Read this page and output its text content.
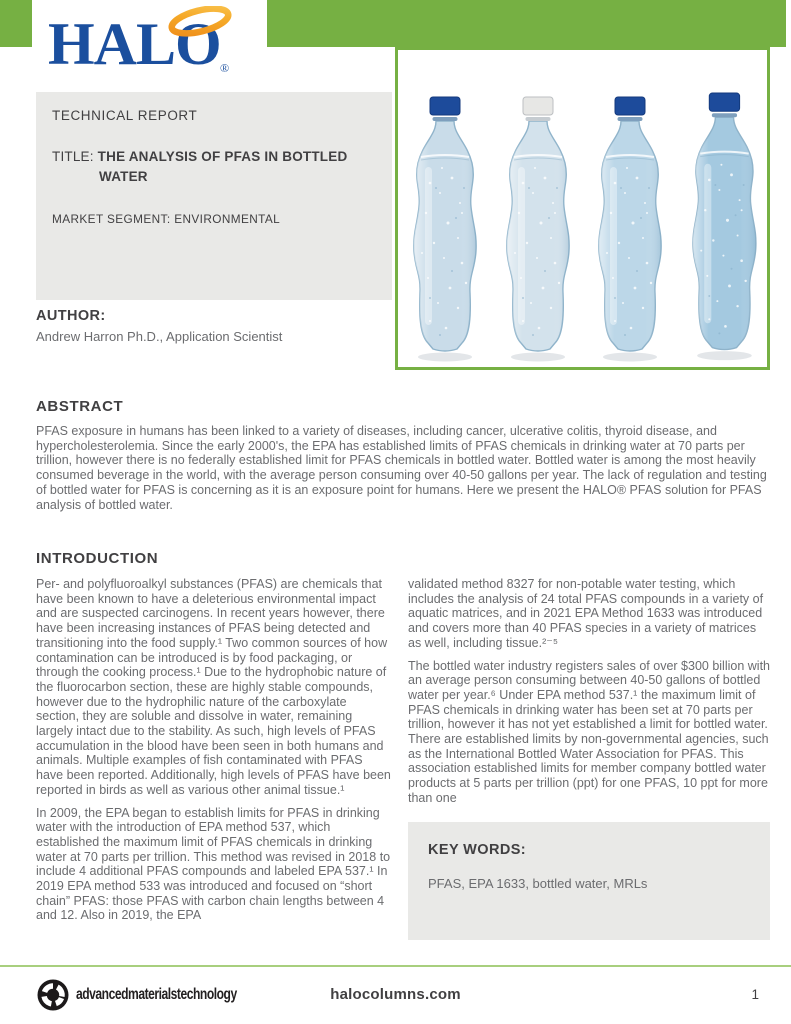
HALO ®
TECHNICAL REPORT
TITLE: THE ANALYSIS OF PFAS IN BOTTLED WATER
MARKET SEGMENT: ENVIRONMENTAL
AUTHOR:
Andrew Harron Ph.D., Application Scientist
ABSTRACT

PFAS exposure in humans has been linked to a variety of diseases, including cancer, ulcerative colitis, thyroid disease, and hypercholesterolemia. Since the early 2000's, the EPA has established limits of PFAS chemicals in drinking water at 70 parts per trillion, however there is no federally established limit for PFAS chemicals in bottled water. Bottled water is among the most heavily consumed beverage in the world, with the average person consuming over 40-50 gallons per year. The lack of regulation and testing of bottled water for PFAS is concerning as it is an exposure point for humans. Here we present the HALO® PFAS solution for PFAS analysis of bottled water.

INTRODUCTION

Per- and polyfluoroalkyl substances (PFAS) are chemicals that have been known to have a deleterious environmental impact and are suspected carcinogens. In recent years however, there have been increasing instances of PFAS being detected and transitioning into the food supply.¹ Two common sources of how contamination can be introduced is by food packaging, or through the cooking process.¹ Due to the hydrophobic nature of the fluorocarbon section, these are highly stable compounds, however due to the hydrophilic nature of the carboxylate section, they are soluble and dissolve in water, remaining largely intact due to the stability. As such, high levels of PFAS accumulation in the blood have been seen in both humans and animals. Multiple examples of fish contaminated with PFAS have been reported. Additionally, high levels of PFAS have been reported in birds as well as various other animal tissue.¹

In 2009, the EPA began to establish limits for PFAS in drinking water with the introduction of EPA method 537, which established the maximum limit of PFAS chemicals in drinking water at 70 parts per trillion. This method was revised in 2018 to include 4 additional PFAS compounds and labeled EPA 537.¹ In 2019 EPA method 533 was introduced and focused on “short chain” PFAS: those PFAS with carbon chain lengths between 4 and 12. Also in 2019, the EPA

validated method 8327 for non-potable water testing, which includes the analysis of 24 total PFAS compounds in a variety of aquatic matrices, and in 2021 EPA Method 1633 was introduced and covers more than 40 PFAS species in a variety of matrices as well, including tissue.²⁻⁵

The bottled water industry registers sales of over $300 billion with an average person consuming between 40-50 gallons of bottled water per year.⁶ Under EPA method 537.¹ the maximum limit of PFAS chemicals in drinking water has been set at 70 parts per trillion, however it has not yet established a limit for bottled water. There are established limits by non-governmental agencies, such as the International Bottled Water Association for PFAS. This association established limits for member company bottled water products at 5 parts per trillion (ppt) for one PFAS, 10 ppt for more than one

KEY WORDS:
PFAS, EPA 1633, bottled water, MRLs
advancedmaterialstechnology	halocolumns.com	1
